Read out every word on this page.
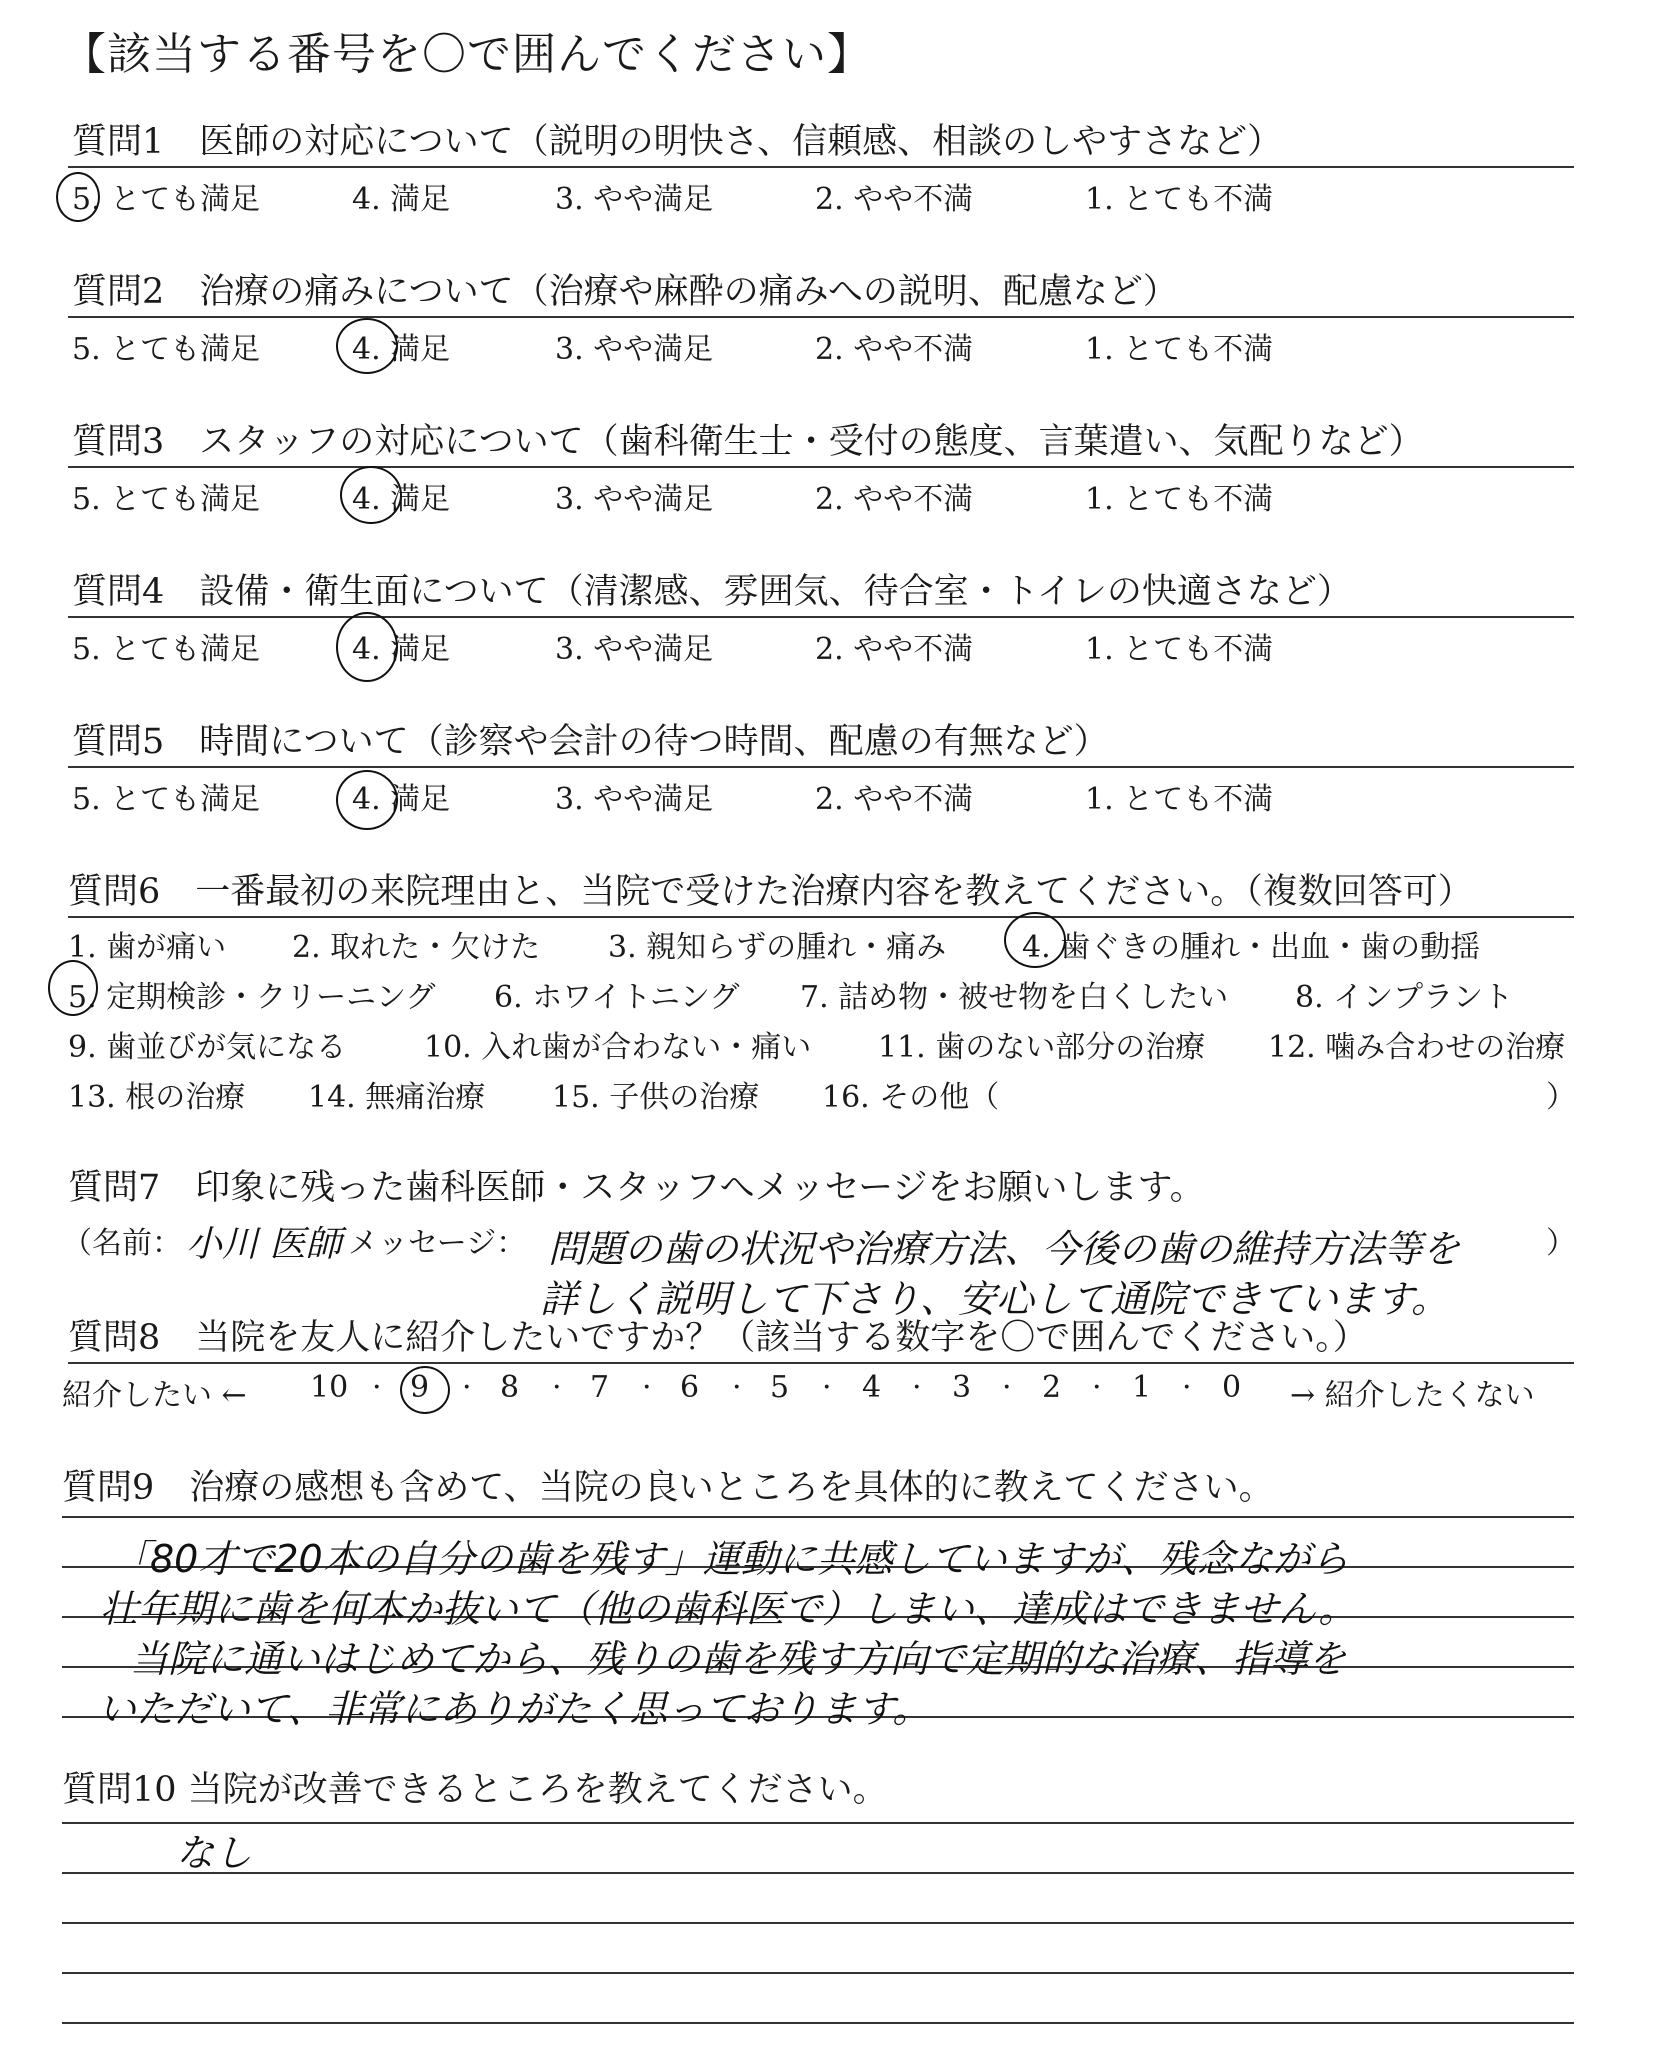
【該当する番号を〇で囲んでください】
質問1　医師の対応について（説明の明快さ、信頼感、相談のしやすさなど）
5. とても満足	4. 満足	3. やや満足	2. やや不満	1. とても不満
質問2　治療の痛みについて（治療や麻酔の痛みへの説明、配慮など）
5. とても満足	4. 満足	3. やや満足	2. やや不満	1. とても不満
質問3　スタッフの対応について（歯科衛生士・受付の態度、言葉遣い、気配りなど）
5. とても満足	4. 満足	3. やや満足	2. やや不満	1. とても不満
質問4　設備・衛生面について（清潔感、雰囲気、待合室・トイレの快適さなど）
5. とても満足	4. 満足	3. やや満足	2. やや不満	1. とても不満
質問5　時間について（診察や会計の待つ時間、配慮の有無など）
5. とても満足	4. 満足	3. やや満足	2. やや不満	1. とても不満
質問6　一番最初の来院理由と、当院で受けた治療内容を教えてください。（複数回答可）
1. 歯が痛い 2. 取れた・欠けた 3. 親知らずの腫れ・痛み	4. 歯ぐきの腫れ・出血・歯の動揺
5. 定期検診・クリーニング 6. ホワイトニング 7. 詰め物・被せ物を白くしたい 8. インプラント
9. 歯並びが気になる	10. 入れ歯が合わない・痛い 11. 歯のない部分の治療 12. 噛み合わせの治療
13. 根の治療 14. 無痛治療 15. 子供の治療 16. その他（	）
質問7　印象に残った歯科医師・スタッフへメッセージをお願いします。
（名前： 小川 医師 メッセージ： 問題の歯の状況や治療方法、今後の歯の維持方法等を
詳しく説明して下さり、安心して通院できています。
）
質問8　当院を友人に紹介したいですか？（該当する数字を〇で囲んでください。）
紹介したい ← 10 9 8 7 6 5 4 3 2 1 0
·	·	·	·	·	·	·	·	·	·	→ 紹介したくない
質問9　治療の感想も含めて、当院の良いところを具体的に教えてください。
「80才で20本の自分の歯を残す」運動に共感していますが、残念ながら
壮年期に歯を何本か抜いて（他の歯科医で）しまい、達成はできません。
当院に通いはじめてから、残りの歯を残す方向で定期的な治療、指導を
いただいて、非常にありがたく思っております。
質問10 当院が改善できるところを教えてください。
なし
